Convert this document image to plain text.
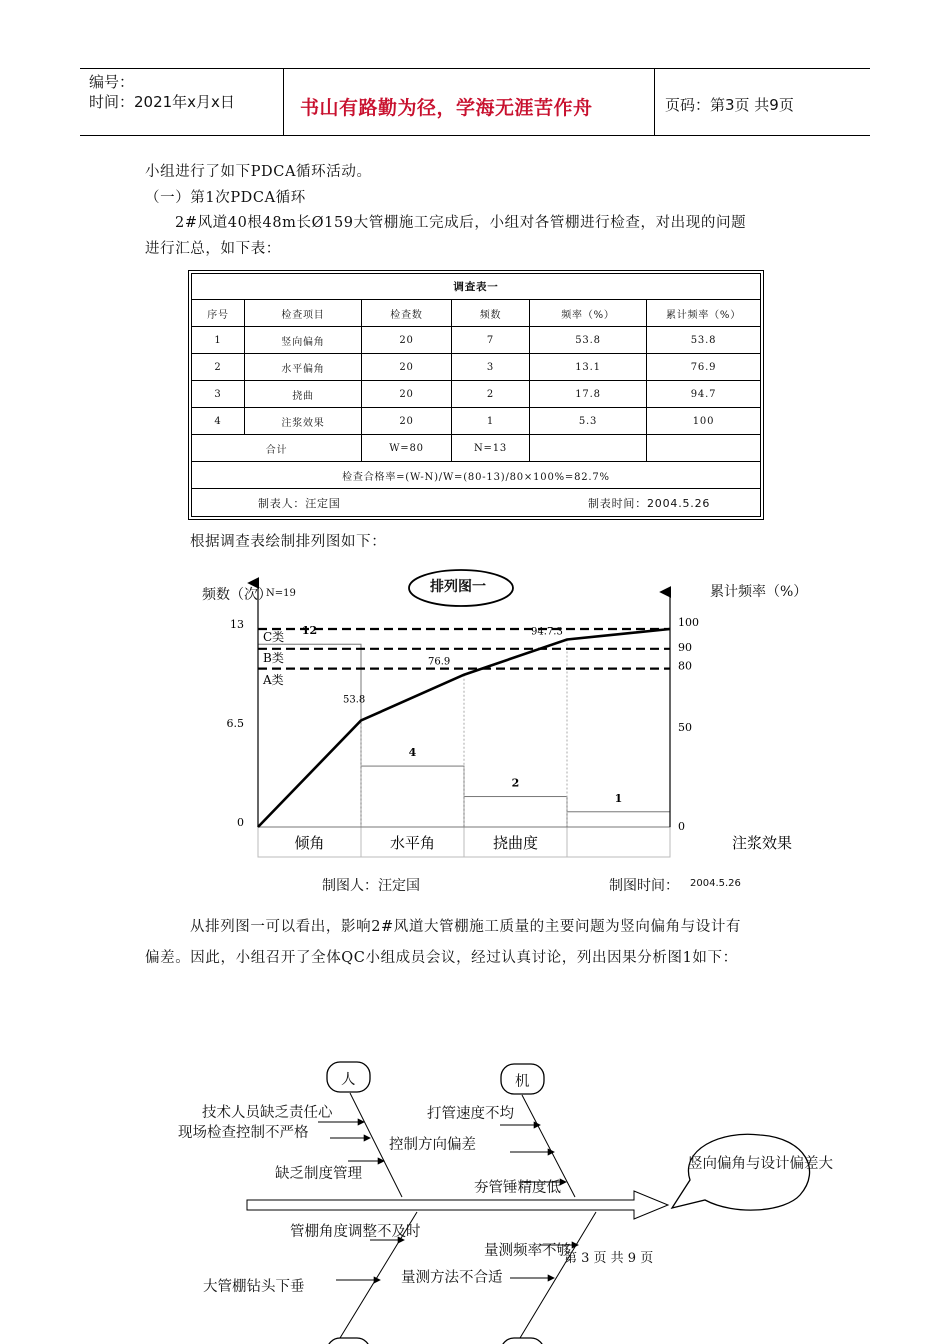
编号：
时间：2021年x月x日	书山有路勤为径，学海无涯苦作舟	页码：第3页 共9页
小组进行了如下PDCA循环活动。
（一）第1次PDCA循环
2#风道40根48m长Ø159大管棚施工完成后，小组对各管棚进行检查，对出现的问题
进行汇总，如下表：
调查表一					
序号	检查项目	检查数	频数	频率（%）	累计频率（%）
1	竖向偏角	20	7	53.8	53.8
2	水平偏角	20	3	13.1	76.9
3	挠曲	20	2	17.8	94.7
4	注浆效果	20	1	5.3	100
合计		W=80	N=13		
检查合格率=(W-N)/W=(80-13)/80×100%=82.7%					

制表人：汪定国 制表时间：2004.5.26					
根据调查表绘制排列图如下：
12
4
2
1
A类
B类
C类
13
6.5
0
100
90
80
50
0
53.8
76.9
94.7.3
倾角	水平角	挠曲度	注浆效果
排列图一
频数（次）
N=19	累计频率（%）
制图人：汪定国	制图时间： 2004.5.26
从排列图一可以看出，影响2#风道大管棚施工质量的主要问题为竖向偏角与设计有
偏差。因此，小组召开了全体QC小组成员会议，经过认真讨论，列出因果分析图1如下：
人	机
竖向偏角与设计偏差大
技术人员缺乏责任心
现场检查控制不严格
控制方向偏差
缺乏制度管理
打管速度不均
夯管锤精度低
管棚角度调整不及时
大管棚钻头下垂
量测方法不合适
量测频率不够
第 3 页 共 9 页
